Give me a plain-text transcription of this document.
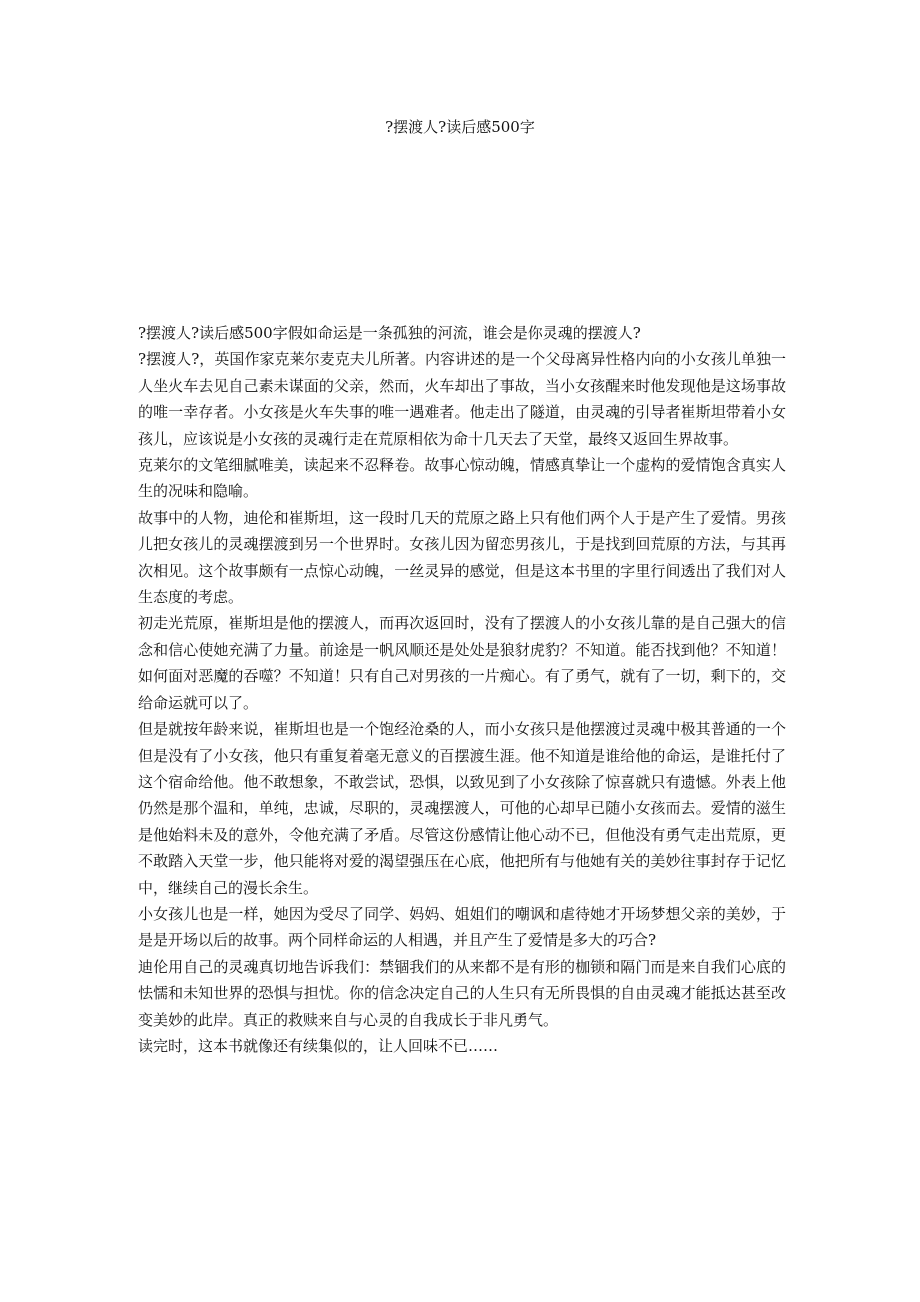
?摆渡人?读后感500字

?摆渡人?读后感500字假如命运是一条孤独的河流，谁会是你灵魂的摆渡人?

?摆渡人?，英国作家克莱尔麦克夫儿所著。内容讲述的是一个父母离异性格内向的小女孩儿单独一人坐火车去见自己素未谋面的父亲，然而，火车却出了事故，当小女孩醒来时他发现他是这场事故的唯一幸存者。小女孩是火车失事的唯一遇难者。他走出了隧道，由灵魂的引导者崔斯坦带着小女孩儿，应该说是小女孩的灵魂行走在荒原相依为命十几天去了天堂，最终又返回生界故事。

克莱尔的文笔细腻唯美，读起来不忍释卷。故事心惊动魄，情感真挚让一个虚构的爱情饱含真实人生的况味和隐喻。

故事中的人物，迪伦和崔斯坦，这一段时几天的荒原之路上只有他们两个人于是产生了爱情。男孩儿把女孩儿的灵魂摆渡到另一个世界时。女孩儿因为留恋男孩儿，于是找到回荒原的方法，与其再次相见。这个故事颇有一点惊心动魄，一丝灵异的感觉，但是这本书里的字里行间透出了我们对人生态度的考虑。

初走光荒原，崔斯坦是他的摆渡人，而再次返回时，没有了摆渡人的小女孩儿靠的是自己强大的信念和信心使她充满了力量。前途是一帆风顺还是处处是狼豺虎豹？不知道。能否找到他？不知道！如何面对恶魔的吞噬？不知道！只有自己对男孩的一片痴心。有了勇气，就有了一切，剩下的，交给命运就可以了。

但是就按年龄来说，崔斯坦也是一个饱经沧桑的人，而小女孩只是他摆渡过灵魂中极其普通的一个但是没有了小女孩，他只有重复着毫无意义的百摆渡生涯。他不知道是谁给他的命运，是谁托付了这个宿命给他。他不敢想象，不敢尝试，恐惧，以致见到了小女孩除了惊喜就只有遗憾。外表上他仍然是那个温和，单纯，忠诚，尽职的，灵魂摆渡人，可他的心却早已随小女孩而去。爱情的滋生是他始料未及的意外，令他充满了矛盾。尽管这份感情让他心动不已，但他没有勇气走出荒原，更不敢踏入天堂一步，他只能将对爱的渴望强压在心底，他把所有与他她有关的美妙往事封存于记忆中，继续自己的漫长余生。

小女孩儿也是一样，她因为受尽了同学、妈妈、姐姐们的嘲讽和虐待她才开场梦想父亲的美妙，于是是开场以后的故事。两个同样命运的人相遇，并且产生了爱情是多大的巧合?

迪伦用自己的灵魂真切地告诉我们：禁锢我们的从来都不是有形的枷锁和隔门而是来自我们心底的怯懦和未知世界的恐惧与担忧。你的信念决定自己的人生只有无所畏惧的自由灵魂才能抵达甚至改变美妙的此岸。真正的救赎来自与心灵的自我成长于非凡勇气。

读完时，这本书就像还有续集似的，让人回味不已……
